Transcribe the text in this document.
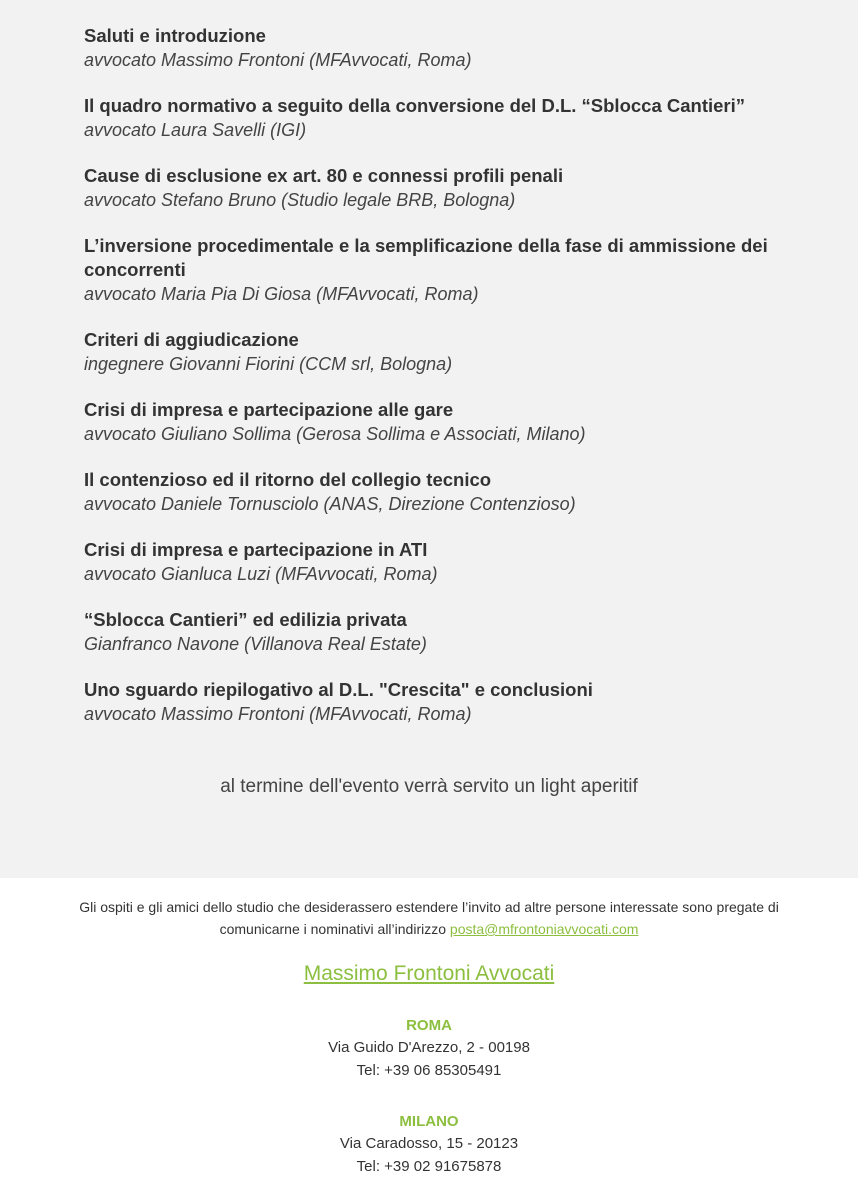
Saluti e introduzione
avvocato Massimo Frontoni (MFAvvocati, Roma)
Il quadro normativo a seguito della conversione del D.L. “Sblocca Cantieri”
avvocato Laura Savelli (IGI)
Cause di esclusione ex art. 80 e connessi profili penali
avvocato Stefano Bruno (Studio legale BRB, Bologna)
L’inversione procedimentale e la semplificazione della fase di ammissione dei concorrenti
avvocato Maria Pia Di Giosa (MFAvvocati, Roma)
Criteri di aggiudicazione
ingegnere Giovanni Fiorini (CCM srl, Bologna)
Crisi di impresa e partecipazione alle gare
avvocato Giuliano Sollima (Gerosa Sollima e Associati, Milano)
Il contenzioso ed il ritorno del collegio tecnico
avvocato Daniele Tornusciolo (ANAS, Direzione Contenzioso)
Crisi di impresa e partecipazione in ATI
avvocato Gianluca Luzi (MFAvvocati, Roma)
“Sblocca Cantieri” ed edilizia privata
Gianfranco Navone (Villanova Real Estate)
Uno sguardo riepilogativo al D.L. "Crescita" e conclusioni
avvocato Massimo Frontoni (MFAvvocati, Roma)
al termine dell'evento verrà servito un light aperitif
Gli ospiti e gli amici dello studio che desiderassero estendere l’invito ad altre persone interessate sono pregate di comunicarne i nominativi all’indirizzo posta@mfrontoniavvocati.com
Massimo Frontoni Avvocati
ROMA
Via Guido D'Arezzo, 2 - 00198
Tel: +39 06 85305491
MILANO
Via Caradosso, 15 - 20123
Tel: +39 02 91675878
